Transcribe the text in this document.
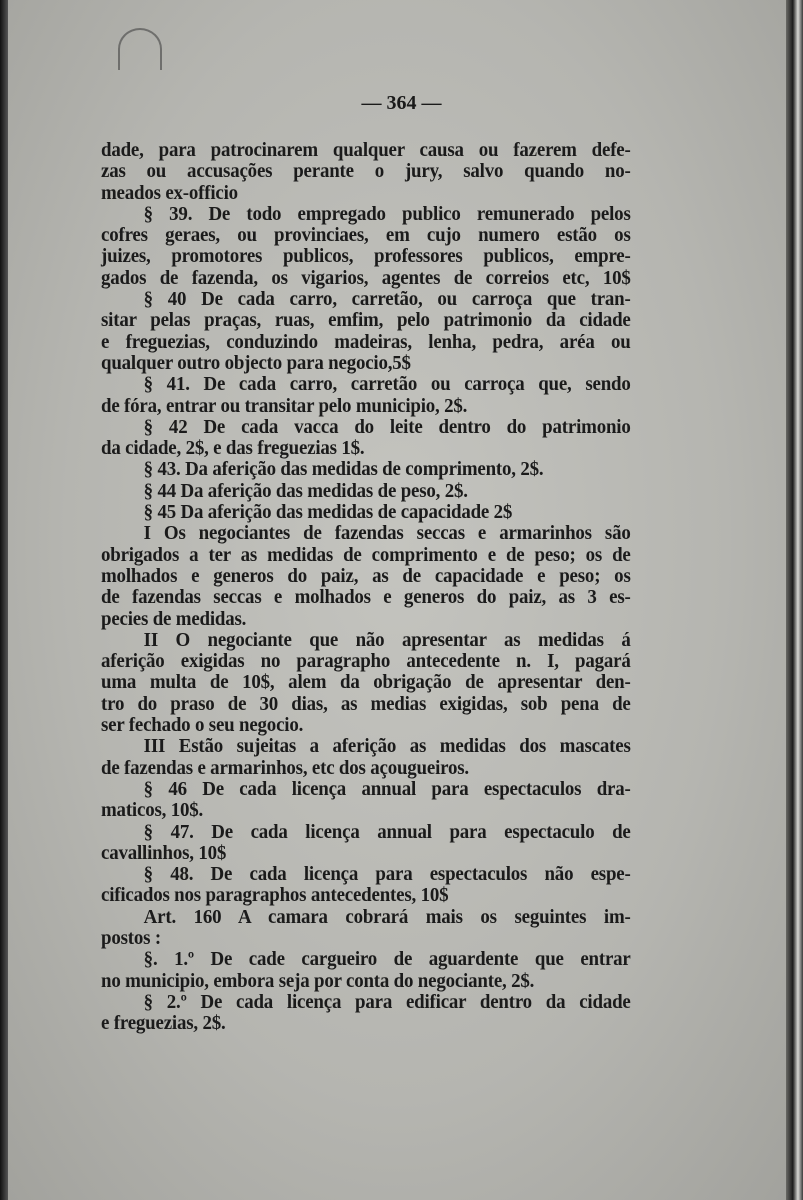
— 364 —
dade, para patrocinarem qualquer causa ou fazerem defe-
zas ou accusações perante o jury, salvo quando no-
meados ex-officio
§ 39. De todo empregado publico remunerado pelos
cofres geraes, ou provinciaes, em cujo numero estão os
juizes, promotores publicos, professores publicos, empre-
gados de fazenda, os vigarios, agentes de correios etc, 10$
§ 40 De cada carro, carretão, ou carroça que tran-
sitar pelas praças, ruas, emfim, pelo patrimonio da cidade
e freguezias, conduzindo madeiras, lenha, pedra, aréa ou
qualquer outro objecto para negocio,5$
§ 41. De cada carro, carretão ou carroça que, sendo
de fóra, entrar ou transitar pelo municipio, 2$.
§ 42 De cada vacca do leite dentro do patrimonio
da cidade, 2$, e das freguezias 1$.
§ 43. Da aferição das medidas de comprimento, 2$.
§ 44 Da aferição das medidas de peso, 2$.
§ 45 Da aferição das medidas de capacidade 2$
I Os negociantes de fazendas seccas e armarinhos são
obrigados a ter as medidas de comprimento e de peso; os de
molhados e generos do paiz, as de capacidade e peso; os
de fazendas seccas e molhados e generos do paiz, as 3 es-
pecies de medidas.
II O negociante que não apresentar as medidas á
aferição exigidas no paragrapho antecedente n. I, pagará
uma multa de 10$, alem da obrigação de apresentar den-
tro do praso de 30 dias, as medias exigidas, sob pena de
ser fechado o seu negocio.
III Estão sujeitas a aferição as medidas dos mascates
de fazendas e armarinhos, etc dos açougueiros.
§ 46 De cada licença annual para espectaculos dra-
maticos, 10$.
§ 47. De cada licença annual para espectaculo de
cavallinhos, 10$
§ 48. De cada licença para espectaculos não espe-
cificados nos paragraphos antecedentes, 10$
Art. 160 A camara cobrará mais os seguintes im-
postos :
§. 1.º De cade cargueiro de aguardente que entrar
no municipio, embora seja por conta do negociante, 2$.
§ 2.º De cada licença para edificar dentro da cidade
e freguezias, 2$.
